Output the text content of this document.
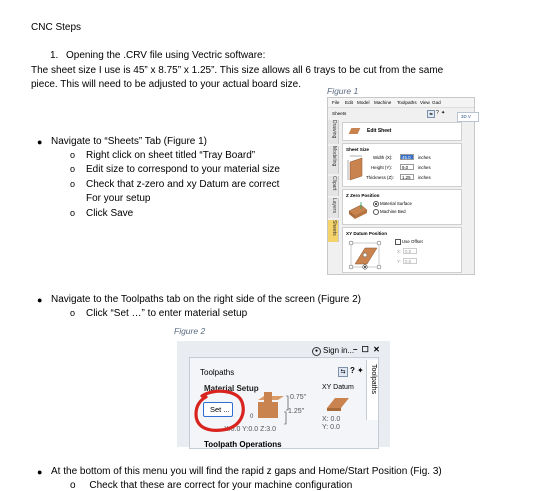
CNC Steps
1. Opening the .CRV file using Vectric software:
The sheet size I use is 45” x 8.75” x 1.25”. This size allows all 6 trays to be cut from the same
piece. This will need to be adjusted to your actual board size.
Figure 1
● Navigate to “Sheets” Tab (Figure 1)
o Right click on sheet titled “Tray Board”
o Edit size to correspond to your material size
o Check that z-zero and xy Datum are correct
For your setup
o Click Save
● Navigate to the Toolpaths tab on the right side of the screen (Figure 2)
o Click “Set …” to enter material setup
Figure 2
● At the bottom of this menu you will find the rapid z gaps and Home/Start Position (Fig. 3)
o Check that these are correct for your machine configuration
File Edit Model Machine Toolpaths View Gad
Sheets	⇆ ? ✦
3D V
Drawing
Modeling
Clipart
Layers
Sheets
Edit Sheet
Sheet Size
Width (X):	45.0	inches
Height (Y):	9.0	inches
Thickness (Z):	1.25	inches
Z Zero Position
Material Surface
Machine Bed
XY Datum Position
Use Offset
X: 0.0
Y: 0.0
● Sign in...
– ☐ ✕
Toolpaths	⇆ ? ✦
Material Setup
Set ...
0
0.75"
1.25"
XY Datum
X: 0.0
Y: 0.0
X:0.0 Y:0.0 Z:3.0
Toolpath Operations
Toolpaths
